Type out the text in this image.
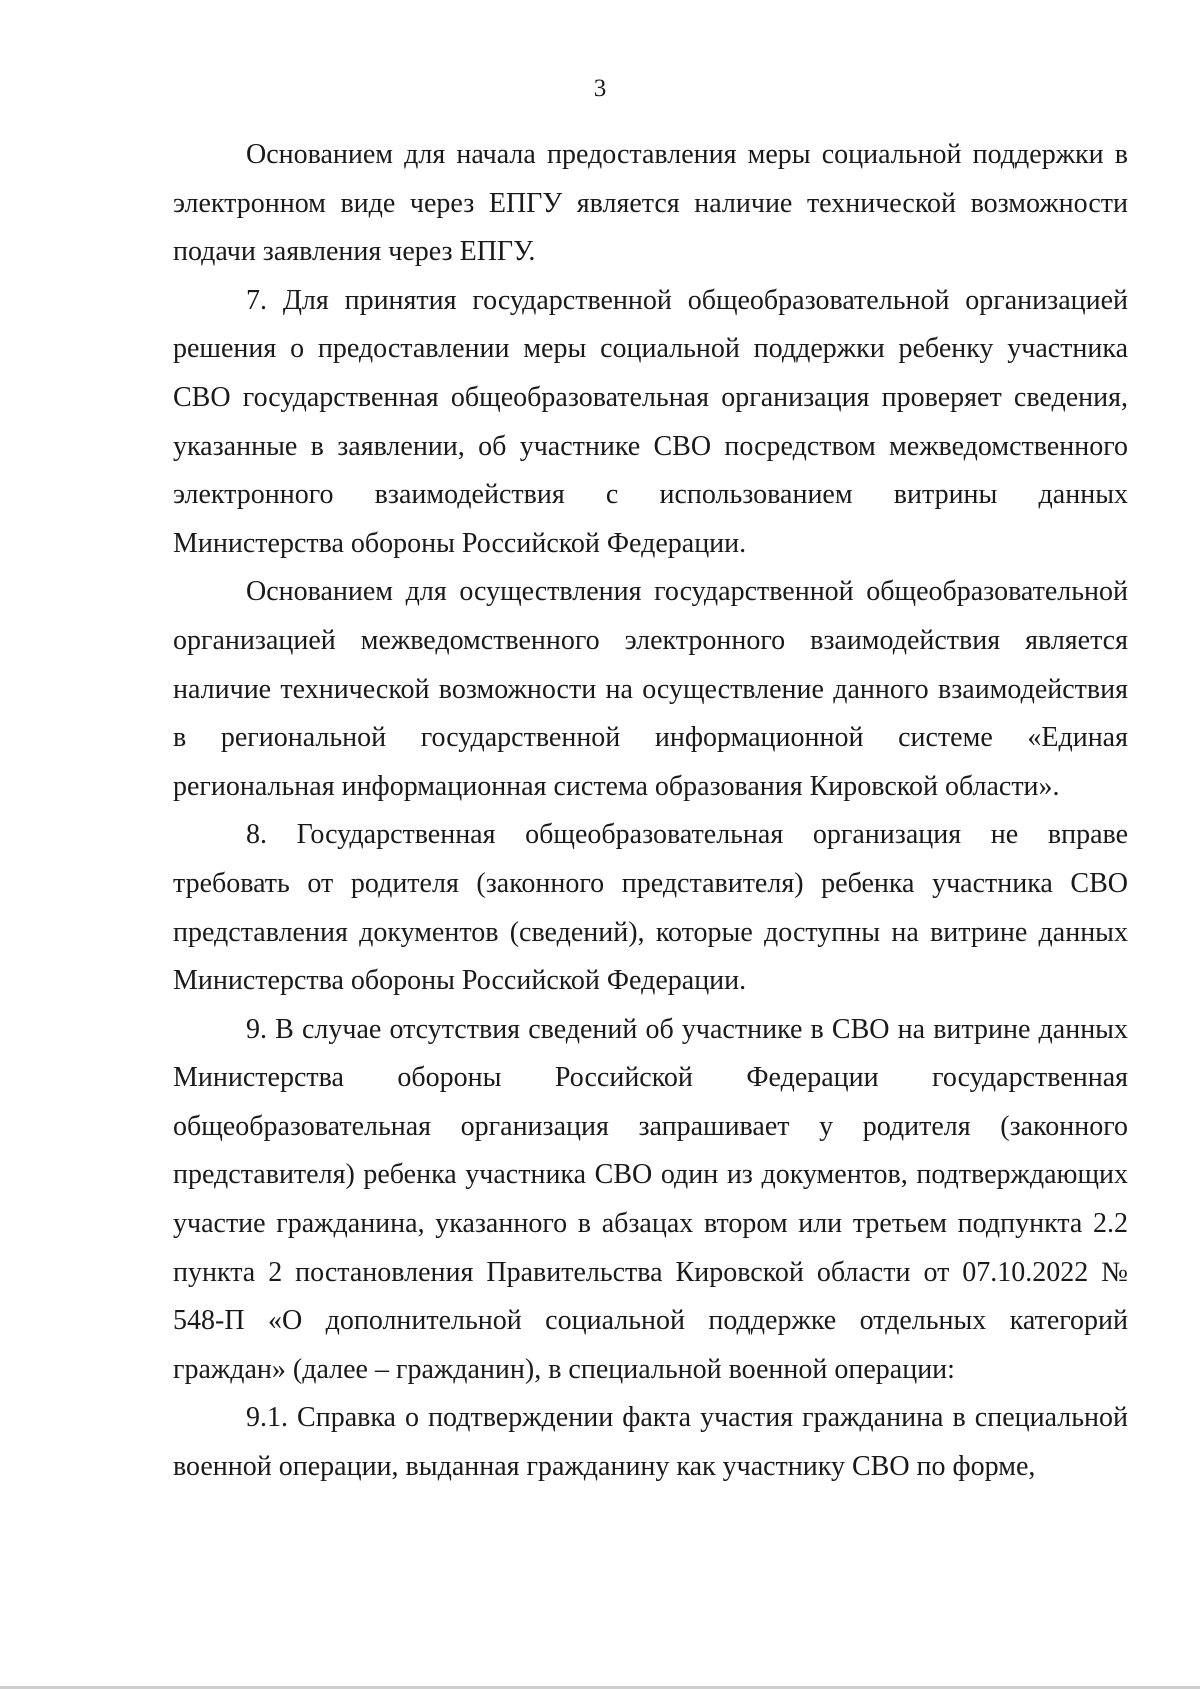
3

Основанием для начала предоставления меры социальной поддержки в электронном виде через ЕПГУ является наличие технической возможности подачи заявления через ЕПГУ.

7. Для принятия государственной общеобразовательной организацией решения о предоставлении меры социальной поддержки ребенку участника СВО государственная общеобразовательная организация проверяет сведения, указанные в заявлении, об участнике СВО посредством межведомственного электронного взаимодействия с использованием витрины данных Министерства обороны Российской Федерации.

Основанием для осуществления государственной общеобразовательной организацией межведомственного электронного взаимодействия является наличие технической возможности на осуществление данного взаимодействия в региональной государственной информационной системе «Единая региональная информационная система образования Кировской области».

8. Государственная общеобразовательная организация не вправе требовать от родителя (законного представителя) ребенка участника СВО представления документов (сведений), которые доступны на витрине данных Министерства обороны Российской Федерации.

9. В случае отсутствия сведений об участнике в СВО на витрине данных Министерства обороны Российской Федерации государственная общеобразовательная организация запрашивает у родителя (законного представителя) ребенка участника СВО один из документов, подтверждающих участие гражданина, указанного в абзацах втором или третьем подпункта 2.2 пункта 2 постановления Правительства Кировской области от 07.10.2022 № 548-П «О дополнительной социальной поддержке отдельных категорий граждан» (далее – гражданин), в специальной военной операции:

9.1. Справка о подтверждении факта участия гражданина в специальной военной операции, выданная гражданину как участнику СВО по форме,
